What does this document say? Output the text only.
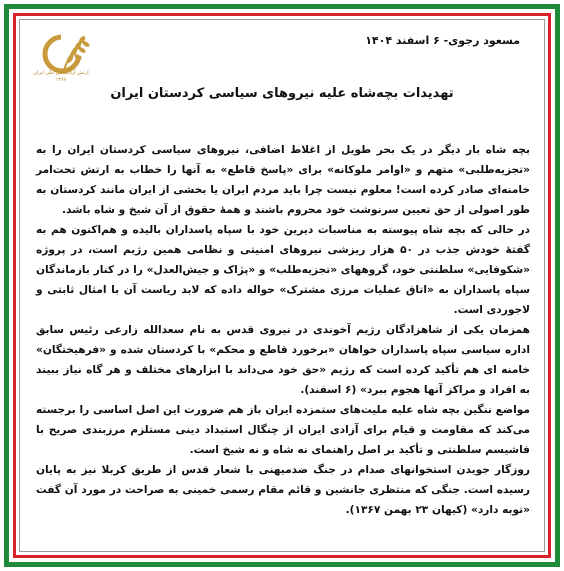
ارتش آزادیبخش ملی ایران
۱۳۶۶
مسعود رجوی- ۶ اسفند ۱۴۰۴
تهدیدات بچه‌شاه علیه نیروهای سیاسی کردستان ایران

بچه شاه بار دیگر در یک بحر طویل از اغلاط اضافی، نیروهای سیاسی کردستان ایران را به «تجزیه‌طلبی» متهم و «اوامر ملوکانه» برای «پاسخ قاطع» به آنها را خطاب به ارتش تحت‌امر خامنه‌ای صادر کرده است! معلوم نیست چرا باید مردم ایران یا بخشی از ایران مانند کردستان به طور اصولی از حق تعیین سرنوشت خود محروم باشند و همهٔ حقوق از آن شیخ و شاه باشد.

در حالی که بچه شاه پیوسته به مناسبات دیرین خود با سپاه پاسداران بالیده و هم‌اکنون هم به گفتهٔ خودش جذب در ۵۰ هزار ریزشی نیروهای امنیتی و نظامی همین رژیم است، در پروژه «شکوفایی» سلطنتی خود، گروههای «تجزیه‌طلب» و «پژاک و جیش‌العدل» را در کنار بازماندگان سپاه پاسداران به «اتاق عملیات مرزی مشترک» حواله داده که لابد ریاست آن با امثال ثابتی و لاجوردی است.

همزمان یکی از شاهزادگان رژیم آخوندی در نیروی قدس به نام سعدالله زارعی رئیس سابق اداره سیاسی سپاه پاسداران خواهان «برخورد قاطع و محکم» با کردستان شده و «فرهیختگان» خامنه ای هم تأکید کرده است که رژیم «حق خود می‌داند با ابزارهای مختلف و هر گاه نیاز ببیند به افراد و مراکز آنها هجوم ببرد» (۶ اسفند).

مواضع ننگین بچه شاه علیه ملیت‌های ستمزده ایران باز هم ضرورت این اصل اساسی را برجسته می‌کند که مقاومت و قیام برای آزادی ایران از چنگال استبداد دینی مستلزم مرزبندی صریح با فاشیسم سلطنتی و تأکید بر اصل راهنمای نه شاه و نه شیخ است.

روزگار جویدن استخوانهای صدام در جنگ ضدمیهنی با شعار قدس از طریق کربلا نیز به پایان رسیده است. جنگی که منتظری جانشین و قائم مقام رسمی خمینی به صراحت در مورد آن گفت «توبه دارد» (کیهان ۲۳ بهمن ۱۳۶۷).
